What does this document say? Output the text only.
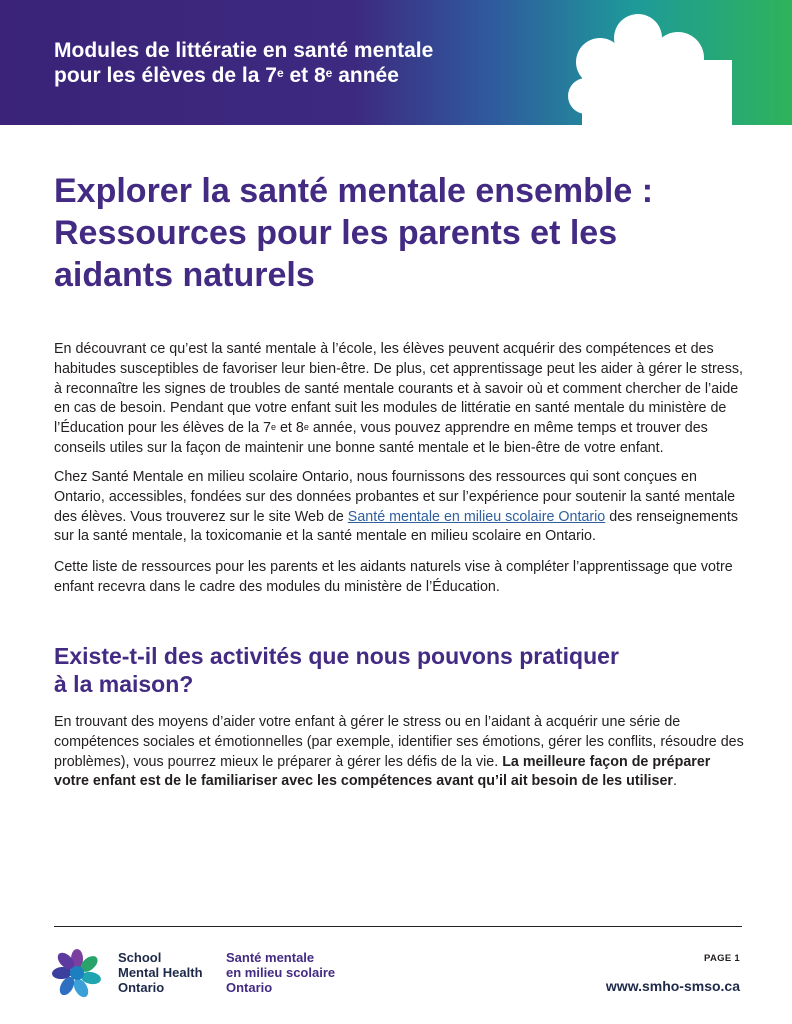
Modules de littératie en santé mentale
pour les élèves de la 7e et 8e année
Explorer la santé mentale ensemble :
Ressources pour les parents et les
aidants naturels

En découvrant ce qu’est la santé mentale à l’école, les élèves peuvent acquérir des compétences et des habitudes susceptibles de favoriser leur bien-être. De plus, cet apprentissage peut les aider à gérer le stress, à reconnaître les signes de troubles de santé mentale courants et à savoir où et comment chercher de l’aide en cas de besoin. Pendant que votre enfant suit les modules de littératie en santé mentale du ministère de l’Éducation pour les élèves de la 7e et 8e année, vous pouvez apprendre en même temps et trouver des conseils utiles sur la façon de maintenir une bonne santé mentale et le bien-être de votre enfant.

Chez Santé Mentale en milieu scolaire Ontario, nous fournissons des ressources qui sont conçues en Ontario, accessibles, fondées sur des données probantes et sur l’expérience pour soutenir la santé mentale des élèves. Vous trouverez sur le site Web de Santé mentale en milieu scolaire Ontario des renseignements sur la santé mentale, la toxicomanie et la santé mentale en milieu scolaire en Ontario.

Cette liste de ressources pour les parents et les aidants naturels vise à compléter l’apprentissage que votre enfant recevra dans le cadre des modules du ministère de l’Éducation.

Existe-t-il des activités que nous pouvons pratiquer
à la maison?

En trouvant des moyens d’aider votre enfant à gérer le stress ou en l’aidant à acquérir une série de compétences sociales et émotionnelles (par exemple, identifier ses émotions, gérer les conflits, résoudre des problèmes), vous pourrez mieux le préparer à gérer les défis de la vie. La meilleure façon de préparer votre enfant est de le familiariser avec les compétences avant qu’il ait besoin de les utiliser.

School
Mental Health
Ontario

Santé mentale
en milieu scolaire
Ontario

PAGE 1
www.smho-smso.ca
